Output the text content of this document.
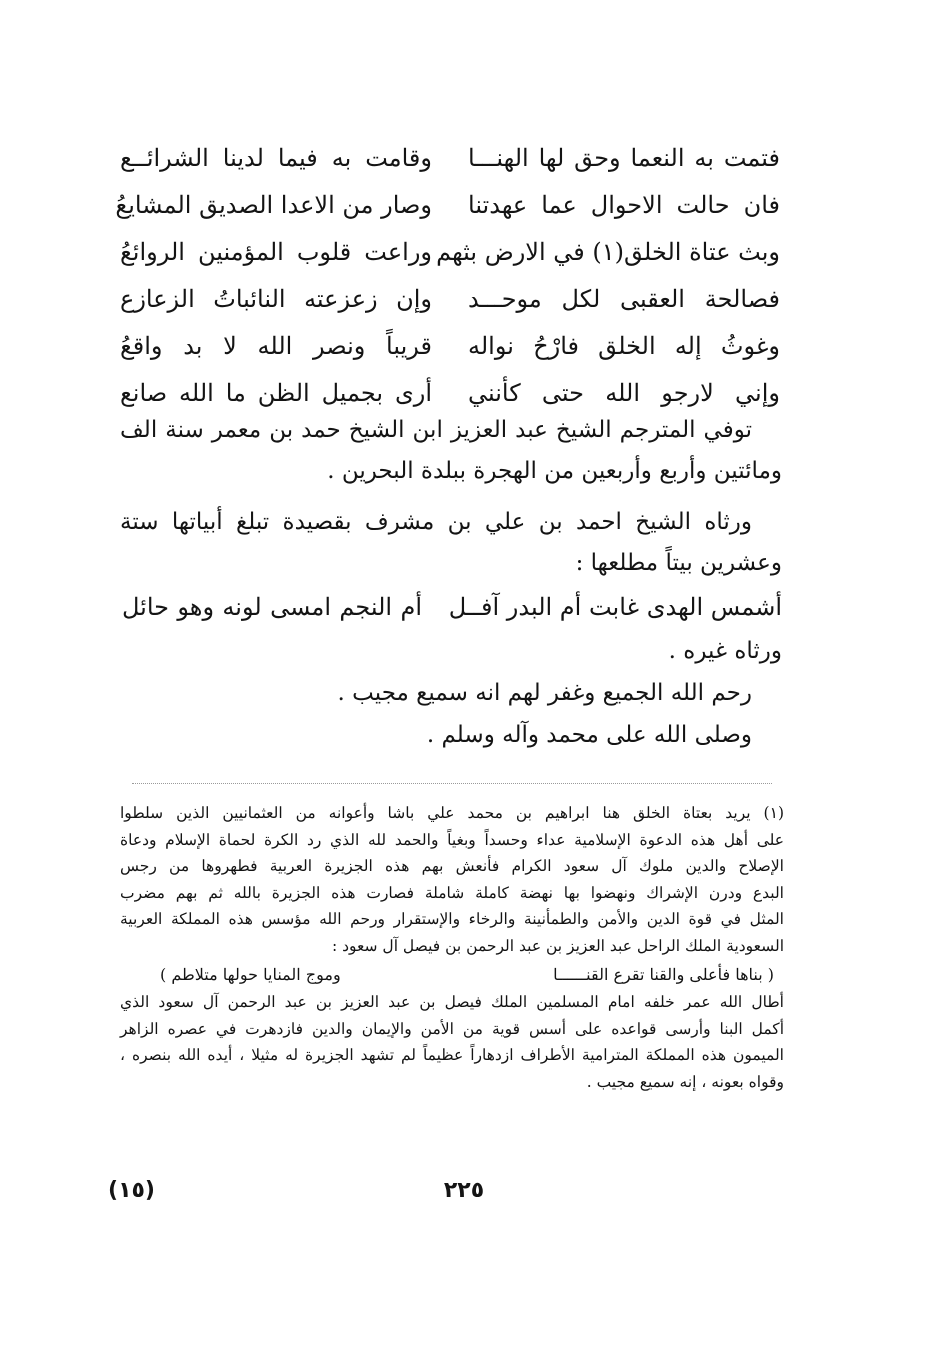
فتمت به النعما وحق لها الهنـــا
وقامت به فيما لدينا الشرائــع
فان حالت الاحوال عما عهدتنا
وصار من الاعدا الصديق المشايعُ
وبث عتاة الخلق(١) في الارض بثهم
وراعت قلوب المؤمنين الروائعُ
فصالحة العقبى لكل موحـــد
وإن زعزعته النائباتُ الزعازع
وغوثُ إله الخلق فارْحُ نواله
قريباً ونصر الله لا بد واقعُ
وإني لارجو الله حتى كأنني
أرى بجميل الظن ما الله صانع

توفي المترجم الشيخ عبد العزيز ابن الشيخ حمد بن معمر سنة الف ومائتين وأربع وأربعين من الهجرة ببلدة البحرين .

ورثاه الشيخ احمد بن علي بن مشرف بقصيدة تبلغ أبياتها ستة وعشرين بيتاً مطلعها :

أشمس الهدى غابت أم البدر آفــل
أم النجم امسى لونه وهو حائل

ورثاه غيره .

رحم الله الجميع وغفر لهم انه سميع مجيب .

وصلى الله على محمد وآله وسلم .

(١) يريد بعتاة الخلق هنا ابراهيم بن محمد علي باشا وأعوانه من العثمانيين الذين سلطوا

على أهل هذه الدعوة الإسلامية عداء وحسداً وبغياً والحمد لله الذي رد الكرة لحماة الإسلام ودعاة

الإصلاح والدين ملوك آل سعود الكرام فأنعش بهم هذه الجزيرة العربية فطهروها من رجس

البدع ودرن الإشراك ونهضوا بها نهضة كاملة شاملة فصارت هذه الجزيرة بالله ثم بهم مضرب

المثل في قوة الدين والأمن والطمأنينة والرخاء والإستقرار ورحم الله مؤسس هذه المملكة العربية

السعودية الملك الراحل عبد العزيز بن عبد الرحمن بن فيصل آل سعود :

( بناها فأعلى والقنا تقرع القنــــــا
وموج المنايا حولها متلاطم )

أطال الله عمر خلفه امام المسلمين الملك فيصل بن عبد العزيز بن عبد الرحمن آل سعود الذي

أكمل البنا وأرسى قواعده على أسس قوية من الأمن والإيمان والدين فازدهرت في عصره الزاهر

الميمون هذه المملكة المترامية الأطراف ازدهاراً عظيماً لم تشهد الجزيرة له مثيلا ، أيده الله بنصره ،

وقواه بعونه ، إنه سميع مجيب .

٢٢٥
(١٥)
